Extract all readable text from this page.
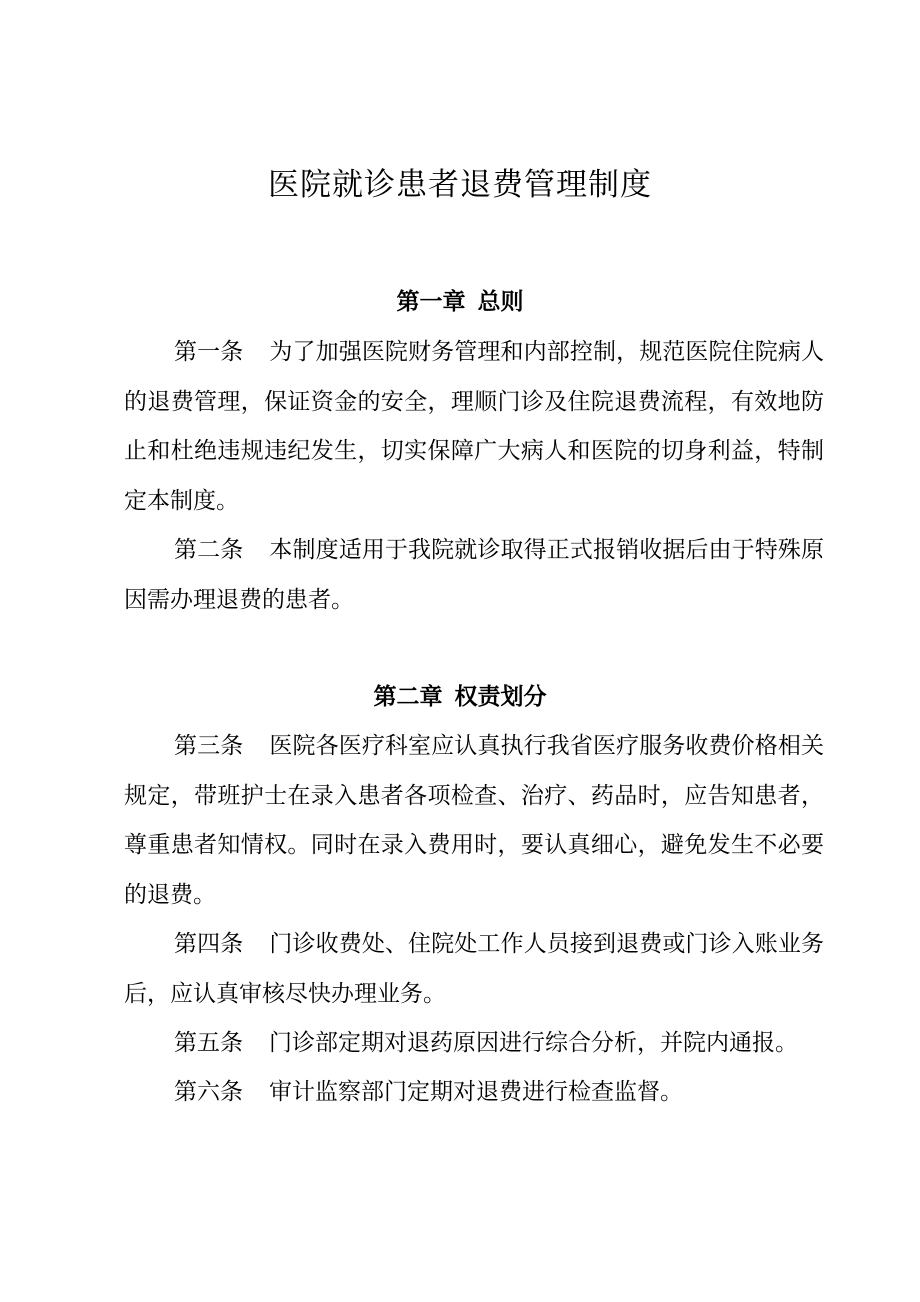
医院就诊患者退费管理制度
第一章 总则

第一条 为了加强医院财务管理和内部控制，规范医院住院病人的退费管理，保证资金的安全，理顺门诊及住院退费流程，有效地防止和杜绝违规违纪发生，切实保障广大病人和医院的切身利益，特制定本制度。

第二条 本制度适用于我院就诊取得正式报销收据后由于特殊原因需办理退费的患者。

第二章 权责划分

第三条 医院各医疗科室应认真执行我省医疗服务收费价格相关规定，带班护士在录入患者各项检查、治疗、药品时，应告知患者，尊重患者知情权。同时在录入费用时，要认真细心，避免发生不必要的退费。

第四条 门诊收费处、住院处工作人员接到退费或门诊入账业务后，应认真审核尽快办理业务。

第五条 门诊部定期对退药原因进行综合分析，并院内通报。

第六条 审计监察部门定期对退费进行检查监督。
